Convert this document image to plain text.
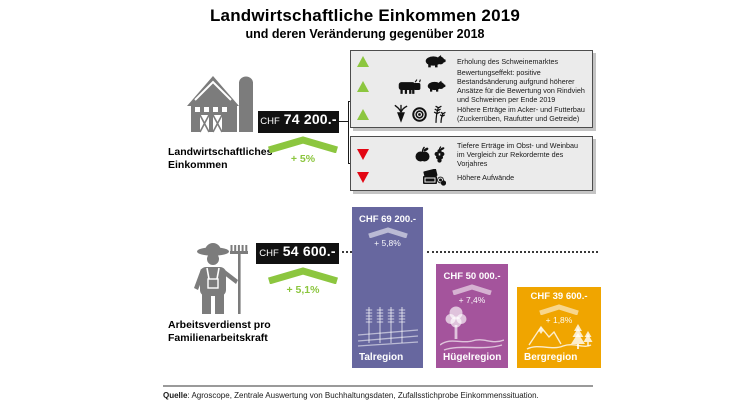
Landwirtschaftliche Einkommen 2019
und deren Veränderung gegenüber 2018
Landwirtschaftliches Einkommen
CHF 74 200.-
+ 5%
Erholung des Schweinemarktes
Bewertungseffekt: positive Bestandsänderung aufgrund höherer Ansätze für die Bewertung von Rindvieh und Schweinen per Ende 2019
Höhere Erträge im Acker- und Futterbau (Zuckerrüben, Raufutter und Getreide)
Tiefere Erträge im Obst- und Weinbau im Vergleich zur Rekordernte des Vorjahres
Höhere Aufwände
Arbeitsverdienst pro Familienarbeitskraft
CHF 54 600.-
+ 5,1%
CHF 69 200.-
+ 5,8%
Talregion
CHF 50 000.-
+ 7,4%
Hügelregion
CHF 39 600.-
+ 1,8%
Bergregion
Quelle: Agroscope, Zentrale Auswertung von Buchhaltungsdaten, Zufallsstichprobe Einkommenssituation.
